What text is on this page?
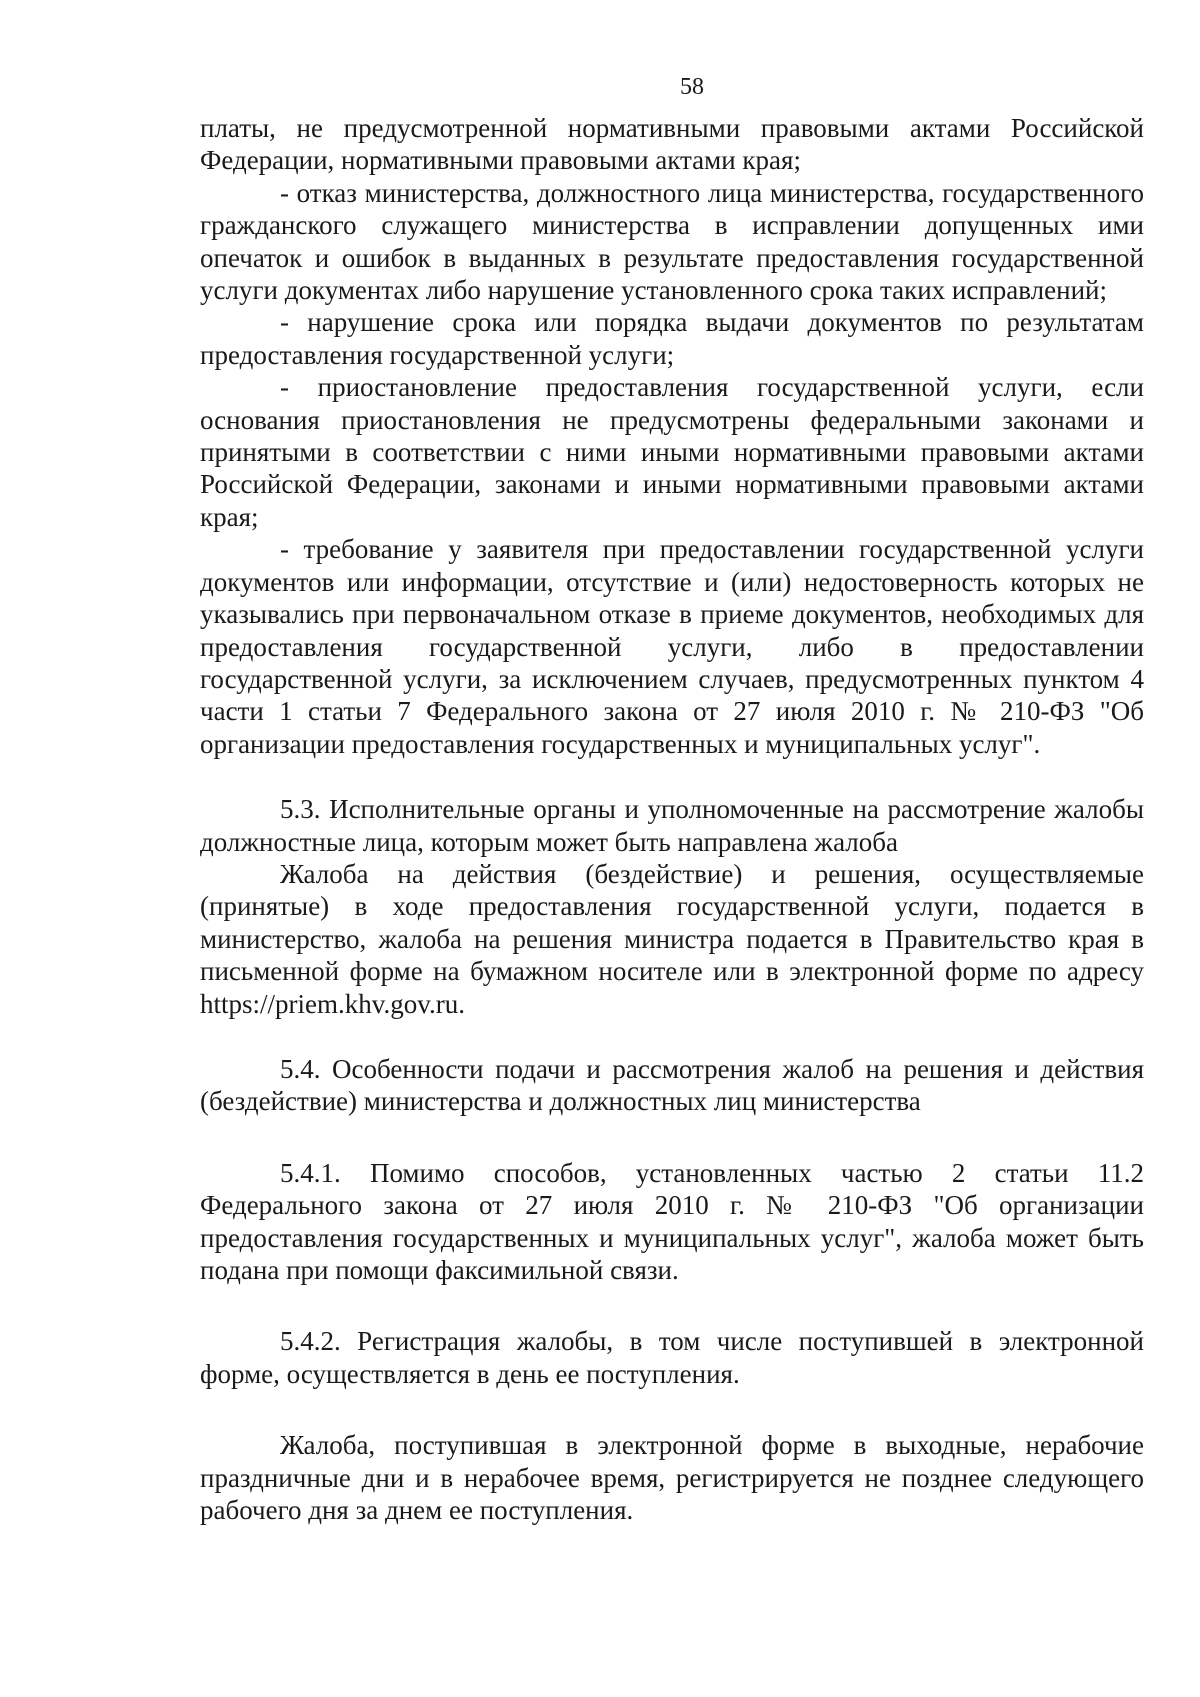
58

платы, не предусмотренной нормативными правовыми актами Российской Федерации, нормативными правовыми актами края;

- отказ министерства, должностного лица министерства, государственного гражданского служащего министерства в исправлении допущенных ими опечаток и ошибок в выданных в результате предоставления государственной услуги документах либо нарушение установленного срока таких исправлений;

- нарушение срока или порядка выдачи документов по результатам предоставления государственной услуги;

- приостановление предоставления государственной услуги, если основания приостановления не предусмотрены федеральными законами и принятыми в соответствии с ними иными нормативными правовыми актами Российской Федерации, законами и иными нормативными правовыми актами края;

- требование у заявителя при предоставлении государственной услуги документов или информации, отсутствие и (или) недостоверность которых не указывались при первоначальном отказе в приеме документов, необходимых для предоставления государственной услуги, либо в предоставлении государственной услуги, за исключением случаев, предусмотренных пунктом 4 части 1 статьи 7 Федерального закона от 27 июля 2010 г. № 210-ФЗ "Об организации предоставления государственных и муниципальных услуг".

5.3. Исполнительные органы и уполномоченные на рассмотрение жалобы должностные лица, которым может быть направлена жалоба

Жалоба на действия (бездействие) и решения, осуществляемые (принятые) в ходе предоставления государственной услуги, подается в министерство, жалоба на решения министра подается в Правительство края в письменной форме на бумажном носителе или в электронной форме по адресу https://priem.khv.gov.ru.

5.4. Особенности подачи и рассмотрения жалоб на решения и действия (бездействие) министерства и должностных лиц министерства

5.4.1. Помимо способов, установленных частью 2 статьи 11.2 Федерального закона от 27 июля 2010 г. № 210-ФЗ "Об организации предоставления государственных и муниципальных услуг", жалоба может быть подана при помощи факсимильной связи.

5.4.2. Регистрация жалобы, в том числе поступившей в электронной форме, осуществляется в день ее поступления.

Жалоба, поступившая в электронной форме в выходные, нерабочие праздничные дни и в нерабочее время, регистрируется не позднее следующего рабочего дня за днем ее поступления.
